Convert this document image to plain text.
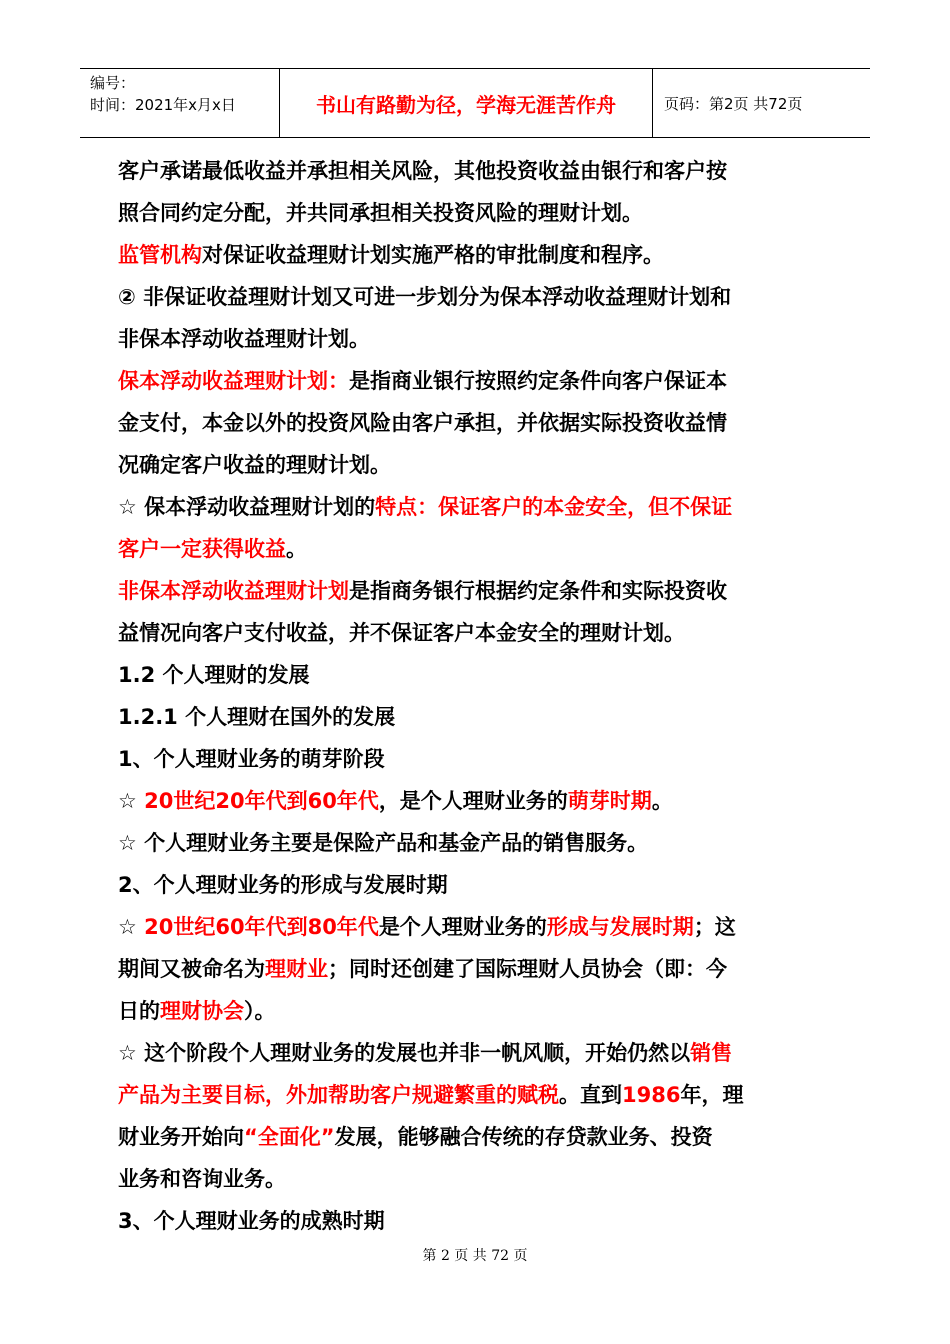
编号：
时间：2021年x月x日	书山有路勤为径，学海无涯苦作舟	页码：第2页 共72页

客户承诺最低收益并承担相关风险，其他投资收益由银行和客户按

照合同约定分配，并共同承担相关投资风险的理财计划。

监管机构对保证收益理财计划实施严格的审批制度和程序。

② 非保证收益理财计划又可进一步划分为保本浮动收益理财计划和

非保本浮动收益理财计划。

保本浮动收益理财计划：是指商业银行按照约定条件向客户保证本

金支付，本金以外的投资风险由客户承担，并依据实际投资收益情

况确定客户收益的理财计划。

☆ 保本浮动收益理财计划的特点：保证客户的本金安全，但不保证

客户一定获得收益。

非保本浮动收益理财计划是指商务银行根据约定条件和实际投资收

益情况向客户支付收益，并不保证客户本金安全的理财计划。

1.2 个人理财的发展

1.2.1 个人理财在国外的发展

1、个人理财业务的萌芽阶段

☆ 20世纪20年代到60年代，是个人理财业务的萌芽时期。

☆ 个人理财业务主要是保险产品和基金产品的销售服务。

2、个人理财业务的形成与发展时期

☆ 20世纪60年代到80年代是个人理财业务的形成与发展时期；这

期间又被命名为理财业；同时还创建了国际理财人员协会（即：今

日的理财协会）。

☆ 这个阶段个人理财业务的发展也并非一帆风顺，开始仍然以销售

产品为主要目标，外加帮助客户规避繁重的赋税。直到1986年，理

财业务开始向“全面化”发展，能够融合传统的存贷款业务、投资

业务和咨询业务。

3、个人理财业务的成熟时期

第 2 页 共 72 页
